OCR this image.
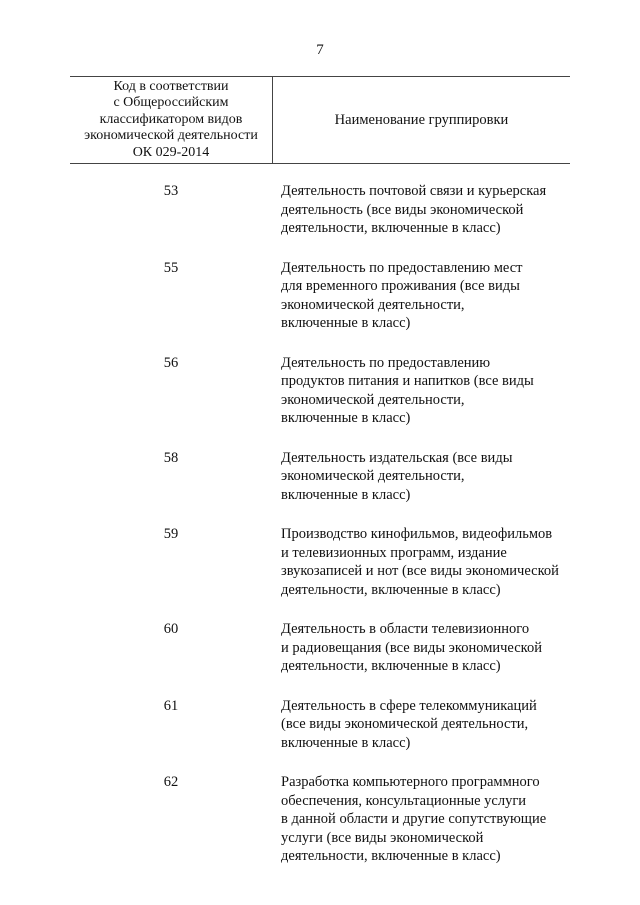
7
Код в соответствии
с Общероссийским
классификатором видов
экономической деятельности
ОК 029-2014
Наименование группировки
53	Деятельность почтовой связи и курьерская
деятельность (все виды экономической
деятельности, включенные в класс)
55	Деятельность по предоставлению мест
для временного проживания (все виды
экономической деятельности,
включенные в класс)
56	Деятельность по предоставлению
продуктов питания и напитков (все виды
экономической деятельности,
включенные в класс)
58	Деятельность издательская (все виды
экономической деятельности,
включенные в класс)
59	Производство кинофильмов, видеофильмов
и телевизионных программ, издание
звукозаписей и нот (все виды экономической
деятельности, включенные в класс)
60	Деятельность в области телевизионного
и радиовещания (все виды экономической
деятельности, включенные в класс)
61	Деятельность в сфере телекоммуникаций
(все виды экономической деятельности,
включенные в класс)
62	Разработка компьютерного программного
обеспечения, консультационные услуги
в данной области и другие сопутствующие
услуги (все виды экономической
деятельности, включенные в класс)
